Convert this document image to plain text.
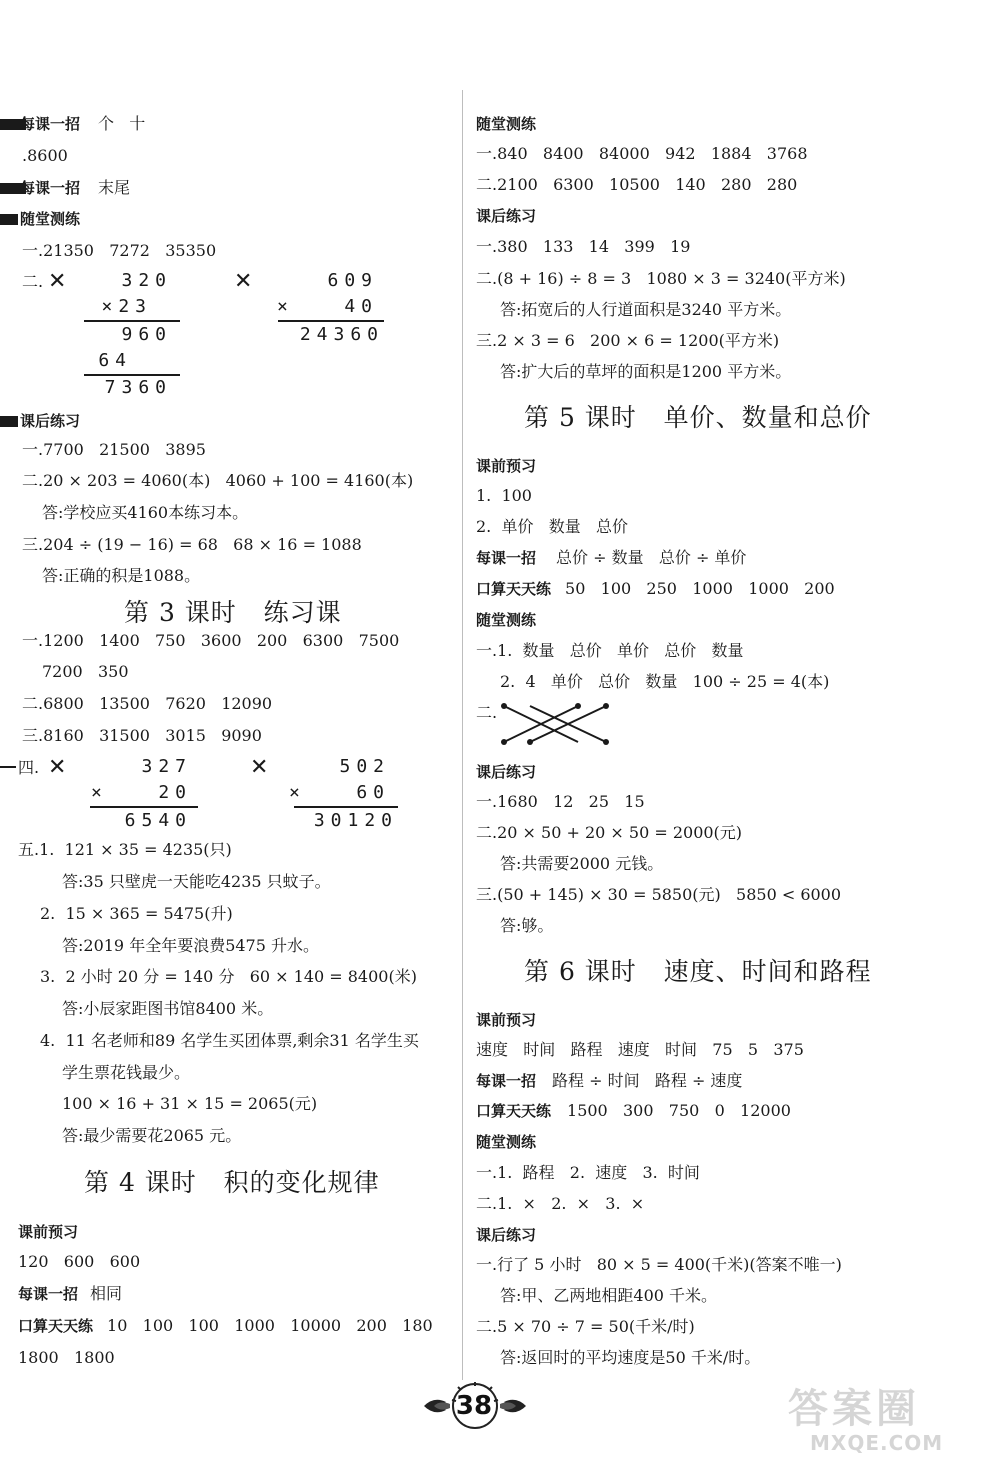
每课一招 个   十
.8600
每课一招 末尾
随堂测练
一.21350   7272   35350
二. ✕	320
×23
960
64
7360
✕	609
×   40
24360
课后练习
一.7700   21500   3895
二.20 × 203 = 4060(本)   4060 + 100 = 4160(本)
答:学校应买4160本练习本。
三.204 ÷ (19 − 16) = 68   68 × 16 = 1088
答:正确的积是1088。
第 3 课时   练习课
一.1200   1400   750   3600   200   6300   7500
7200   350
二.6800   13500   7620   12090
三.8160   31500   3015   9090
四. ✕	327
×   20
6540
✕	502
×   60
30120
五.1.  121 × 35 = 4235(只)
答:35 只壁虎一天能吃4235 只蚊子。
2.  15 × 365 = 5475(升)
答:2019 年全年要浪费5475 升水。
3.  2 小时 20 分 = 140 分   60 × 140 = 8400(米)
答:小辰家距图书馆8400 米。
4.  11 名老师和89 名学生买团体票,剩余31 名学生买
学生票花钱最少。
100 × 16 + 31 × 15 = 2065(元)
答:最少需要花2065 元。
第 4 课时   积的变化规律
课前预习
120   600   600
每课一招 相同
口算天天练 10   100   100   1000   10000   200   180
1800   1800
随堂测练
一.840   8400   84000   942   1884   3768
二.2100   6300   10500   140   280   280
课后练习
一.380   133   14   399   19
二.(8 + 16) ÷ 8 = 3   1080 × 3 = 3240(平方米)
答:拓宽后的人行道面积是3240 平方米。
三.2 × 3 = 6   200 × 6 = 1200(平方米)
答:扩大后的草坪的面积是1200 平方米。
第 5 课时   单价、数量和总价
课前预习
1.  100
2.  单价   数量   总价
每课一招 总价 ÷ 数量   总价 ÷ 单价
口算天天练 50   100   250   1000   1000   200
随堂测练
一.1.  数量   总价   单价   总价   数量
2.  4   单价   总价   数量   100 ÷ 25 = 4(本)
二.
课后练习
一.1680   12   25   15
二.20 × 50 + 20 × 50 = 2000(元)
答:共需要2000 元钱。
三.(50 + 145) × 30 = 5850(元)   5850 < 6000
答:够。
第 6 课时   速度、时间和路程
课前预习
速度   时间   路程   速度   时间   75   5   375
每课一招 路程 ÷ 时间   路程 ÷ 速度
口算天天练 1500   300   750   0   12000
随堂测练
一.1.  路程   2.  速度   3.  时间
二.1.  ×   2.  ×   3.  ×
课后练习
一.行了 5 小时   80 × 5 = 400(千米)(答案不唯一)
答:甲、乙两地相距400 千米。
二.5 × 70 ÷ 7 = 50(千米/时)
答:返回时的平均速度是50 千米/时。
38	答案圈
MXQE.COM
